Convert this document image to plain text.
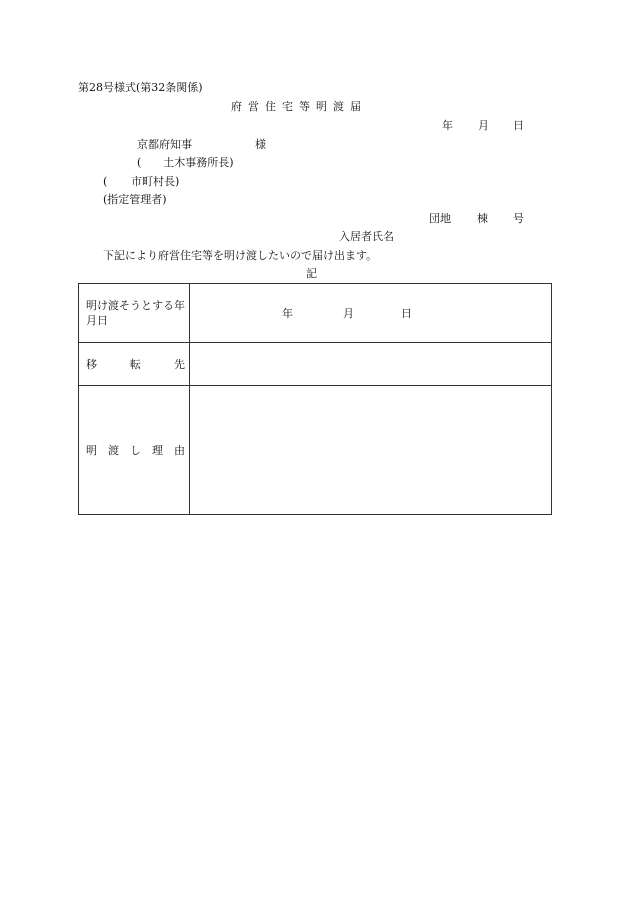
第28号様式(第32条関係)

府営住宅等明渡届

年 月 日

京都府知事	様

(　　土木事務所長)

( 市町村長)

(指定管理者)

団地 棟 号

入居者氏名

下記により府営住宅等を明け渡したいので届け出ます。

記

明け渡そうとする年月日	年 月 日

移 転 先	

明 渡 し 理 由	
